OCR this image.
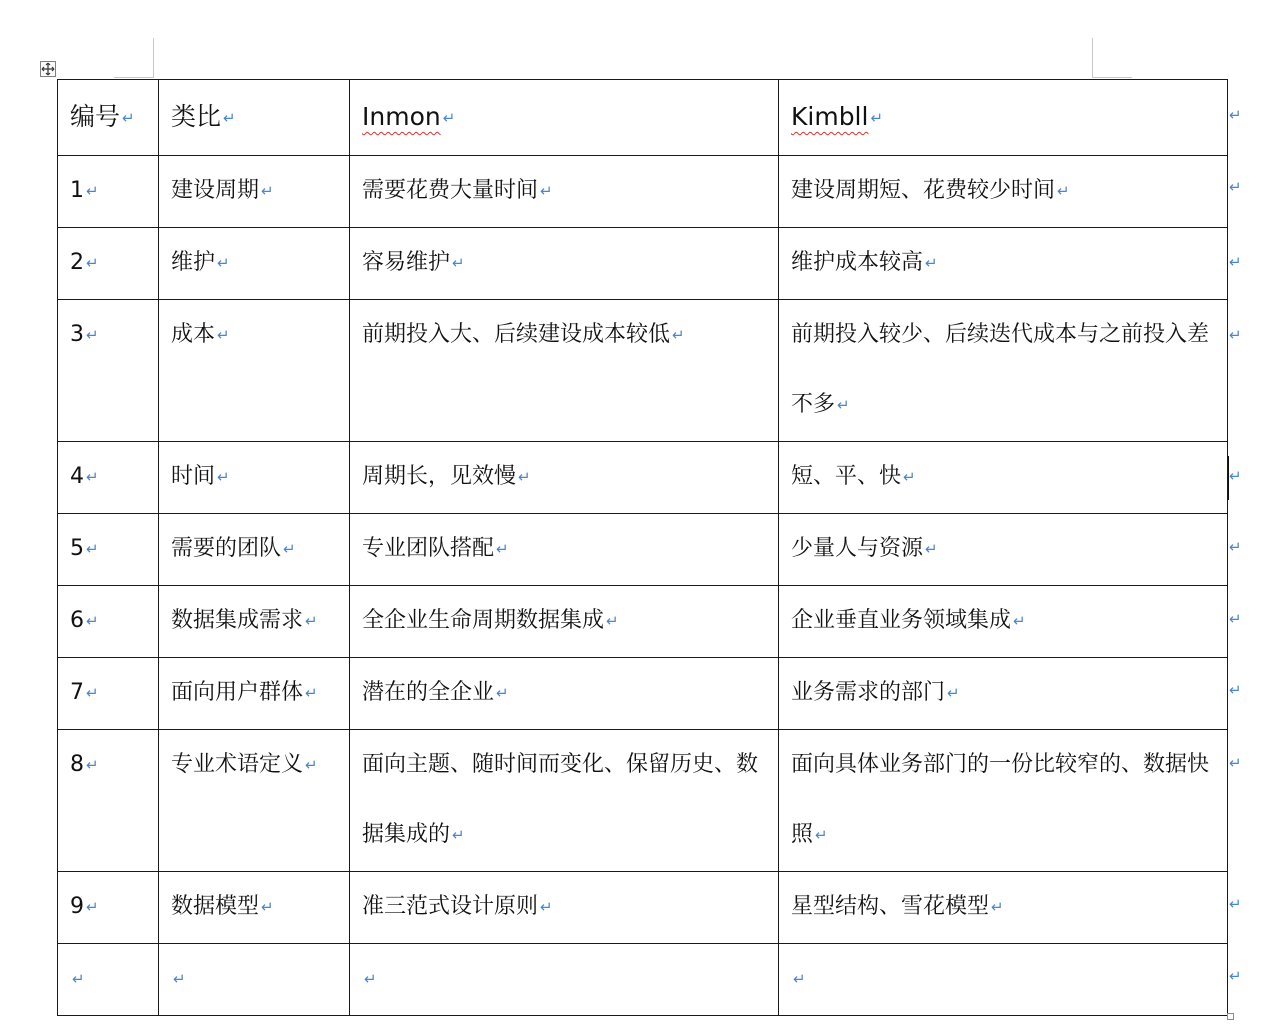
编号 ↵	类比 ↵	Inmon ↵	Kimbll ↵
1 ↵	建设周期 ↵	需要花费大量时间 ↵	建设周期短、花费较少时间 ↵
2 ↵	维护 ↵	容易维护 ↵	维护成本较高 ↵
3 ↵	成本 ↵	前期投入大、后续建设成本较低 ↵	前期投入较少、后续迭代成本与之前投入差不多 ↵
4 ↵	时间 ↵	周期长，见效慢 ↵	短、平、快 ↵
5 ↵	需要的团队 ↵	专业团队搭配 ↵	少量人与资源 ↵
6 ↵	数据集成需求 ↵	全企业生命周期数据集成 ↵	企业垂直业务领域集成 ↵
7 ↵	面向用户群体 ↵	潜在的全企业 ↵	业务需求的部门 ↵
8 ↵	专业术语定义 ↵	面向主题、随时间而变化、保留历史、数据集成的 ↵	面向具体业务部门的一份比较窄的、数据快照 ↵
9 ↵	数据模型 ↵	准三范式设计原则 ↵	星型结构、雪花模型 ↵
↵	↵	↵	↵
↵
↵
↵
↵
↵
↵
↵
↵
↵
↵
↵
